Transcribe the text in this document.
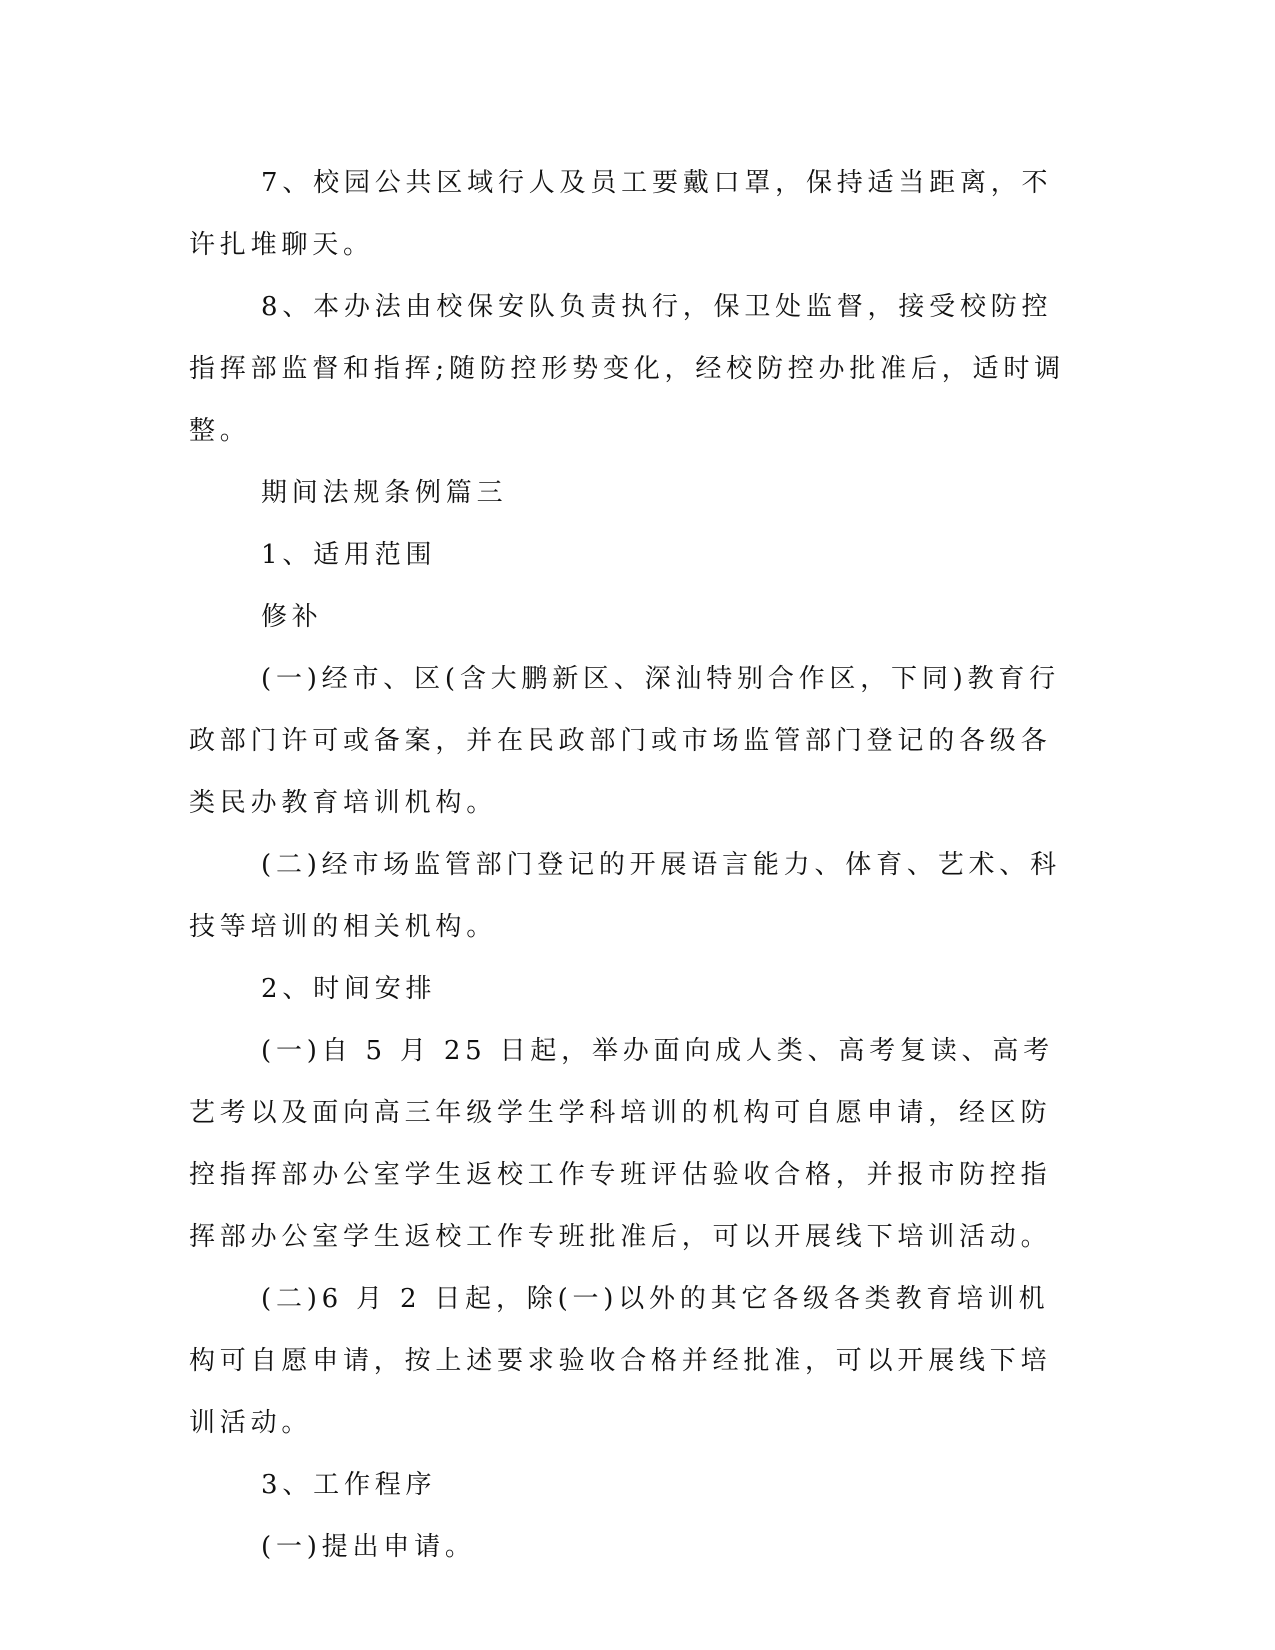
7、校园公共区域行人及员工要戴口罩，保持适当距离，不许扎堆聊天。

8、本办法由校保安队负责执行，保卫处监督，接受校防控指挥部监督和指挥;随防控形势变化，经校防控办批准后，适时调整。

期间法规条例篇三

1、适用范围

修补

(一)经市、区(含大鹏新区、深汕特别合作区，下同)教育行政部门许可或备案，并在民政部门或市场监管部门登记的各级各类民办教育培训机构。

(二)经市场监管部门登记的开展语言能力、体育、艺术、科技等培训的相关机构。

2、时间安排

(一)自 5 月 25 日起，举办面向成人类、高考复读、高考艺考以及面向高三年级学生学科培训的机构可自愿申请，经区防控指挥部办公室学生返校工作专班评估验收合格，并报市防控指挥部办公室学生返校工作专班批准后，可以开展线下培训活动。

(二)6 月 2 日起，除(一)以外的其它各级各类教育培训机构可自愿申请，按上述要求验收合格并经批准，可以开展线下培训活动。

3、工作程序

(一)提出申请。
